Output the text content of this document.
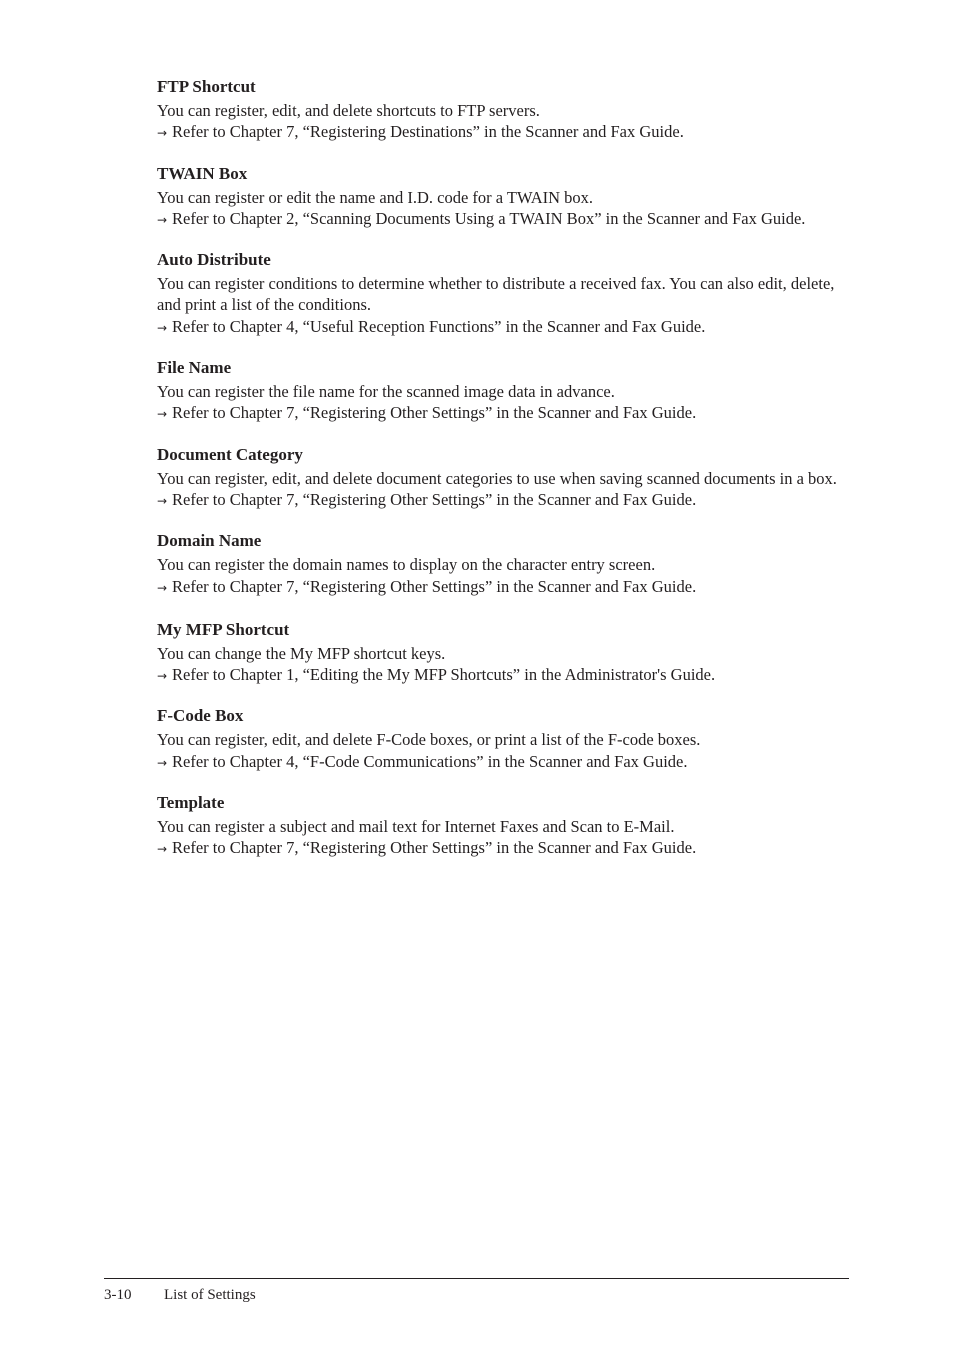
FTP Shortcut

You can register, edit, and delete shortcuts to FTP servers.

→ Refer to Chapter 7, “Registering Destinations” in the Scanner and Fax Guide.

TWAIN Box

You can register or edit the name and I.D. code for a TWAIN box.

→ Refer to Chapter 2, “Scanning Documents Using a TWAIN Box” in the Scanner and Fax Guide.

Auto Distribute

You can register conditions to determine whether to distribute a received fax. You can also edit, delete, and print a list of the conditions.

→ Refer to Chapter 4, “Useful Reception Functions” in the Scanner and Fax Guide.

File Name

You can register the file name for the scanned image data in advance.

→ Refer to Chapter 7, “Registering Other Settings” in the Scanner and Fax Guide.

Document Category

You can register, edit, and delete document categories to use when saving scanned documents in a box.

→ Refer to Chapter 7, “Registering Other Settings” in the Scanner and Fax Guide.

Domain Name

You can register the domain names to display on the character entry screen.

→ Refer to Chapter 7, “Registering Other Settings” in the Scanner and Fax Guide.

My MFP Shortcut

You can change the My MFP shortcut keys.

→ Refer to Chapter 1, “Editing the My MFP Shortcuts” in the Administrator's Guide.

F-Code Box

You can register, edit, and delete F-Code boxes, or print a list of the F-code boxes.

→ Refer to Chapter 4, “F-Code Communications” in the Scanner and Fax Guide.

Template

You can register a subject and mail text for Internet Faxes and Scan to E-Mail.

→ Refer to Chapter 7, “Registering Other Settings” in the Scanner and Fax Guide.

3-10 List of Settings
